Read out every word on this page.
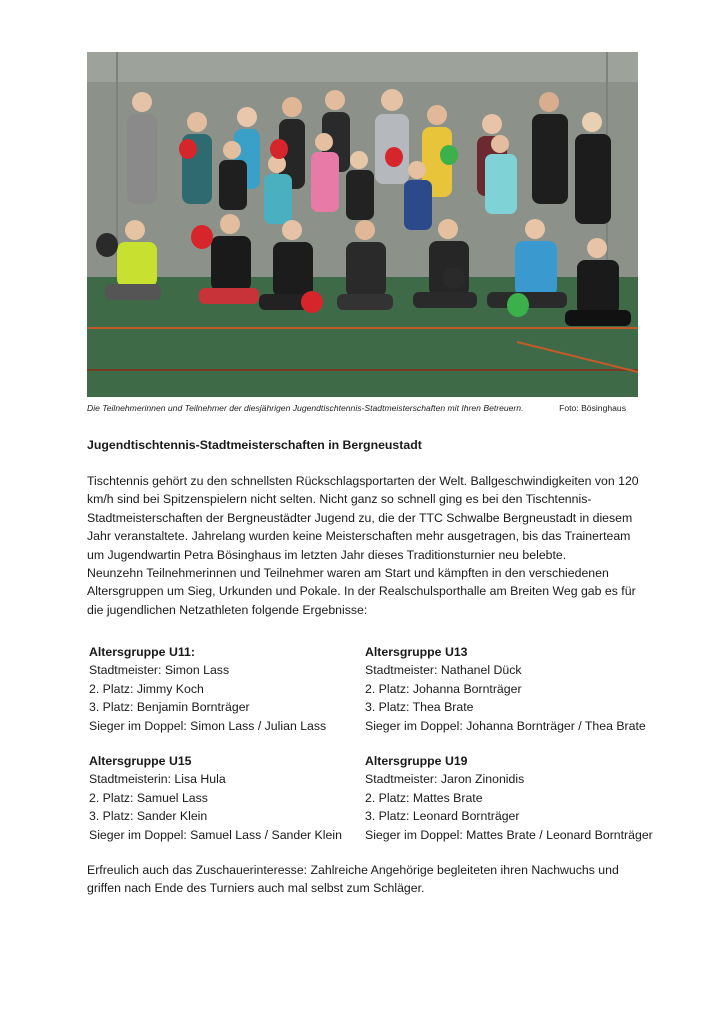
Die Teilnehmerinnen und Teilnehmer der diesjährigen Jugendtischtennis-Stadtmeisterschaften mit Ihren Betreuern.	Foto: Bösinghaus
Jugendtischtennis-Stadtmeisterschaften in Bergneustadt

Tischtennis gehört zu den schnellsten Rückschlagsportarten der Welt. Ballgeschwindigkeiten von 120 km/h sind bei Spitzenspielern nicht selten. Nicht ganz so schnell ging es bei den Tischtennis-Stadtmeisterschaften der Bergneustädter Jugend zu, die der TTC Schwalbe Bergneustadt in diesem Jahr veranstaltete. Jahrelang wurden keine Meisterschaften mehr ausgetragen, bis das Trainerteam um Jugendwartin Petra Bösinghaus im letzten Jahr dieses Traditionsturnier neu belebte.
Neunzehn Teilnehmerinnen und Teilnehmer waren am Start und kämpften in den verschiedenen Altersgruppen um Sieg, Urkunden und Pokale. In der Realschulsporthalle am Breiten Weg gab es für die jugendlichen Netzathleten folgende Ergebnisse:

Altersgruppe U11:
Stadtmeister: Simon Lass
2. Platz: Jimmy Koch
3. Platz: Benjamin Bornträger
Sieger im Doppel: Simon Lass / Julian Lass
Altersgruppe U13
Stadtmeister: Nathanel Dück
2. Platz: Johanna Bornträger
3. Platz: Thea Brate
Sieger im Doppel: Johanna Bornträger / Thea Brate
Altersgruppe U15
Stadtmeisterin: Lisa Hula
2. Platz: Samuel Lass
3. Platz: Sander Klein
Sieger im Doppel: Samuel Lass / Sander Klein
Altersgruppe U19
Stadtmeister: Jaron Zinonidis
2. Platz: Mattes Brate
3. Platz: Leonard Bornträger
Sieger im Doppel: Mattes Brate / Leonard Bornträger

Erfreulich auch das Zuschauerinteresse: Zahlreiche Angehörige begleiteten ihren Nachwuchs und griffen nach Ende des Turniers auch mal selbst zum Schläger.
